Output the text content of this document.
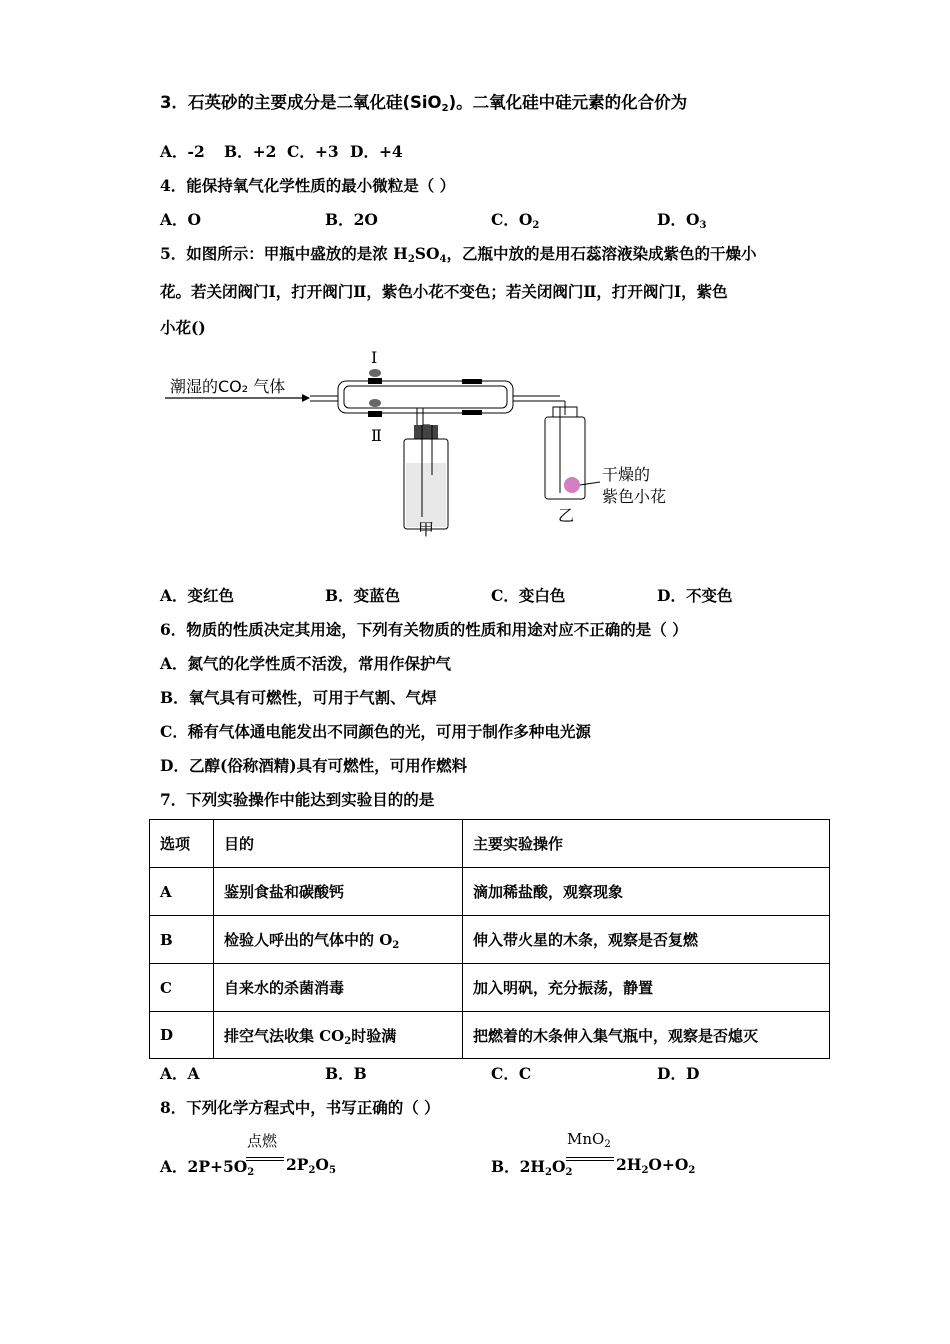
3．石英砂的主要成分是二氧化硅(SiO$_2$)。二氧化硅中硅元素的化合价为
A．-2 B．+2 C．+3 D．+4
4．能保持氧气化学性质的最小微粒是（ ）
A．O	B．2O	C．$O_2$	D．$O_3$
5．如图所示：甲瓶中盛放的是浓 $H_2SO_4$，乙瓶中放的是用石蕊溶液染成紫色的干燥小
花。若关闭阀门Ⅰ，打开阀门Ⅱ，紫色小花不变色；若关闭阀门Ⅱ，打开阀门Ⅰ，紫色
小花()
潮湿的CO₂ 气体
Ⅰ
Ⅱ
甲
干燥的
紫色小花
乙
A．变红色	B．变蓝色	C．变白色	D．不变色
6．物质的性质决定其用途，下列有关物质的性质和用途对应不正确的是（ ）
A．氮气的化学性质不活泼，常用作保护气
B．氧气具有可燃性，可用于气割、气焊
C．稀有气体通电能发出不同颜色的光，可用于制作多种电光源
D．乙醇(俗称酒精)具有可燃性，可用作燃料
7．下列实验操作中能达到实验目的的是
选项	目的	主要实验操作
A	鉴别食盐和碳酸钙	滴加稀盐酸，观察现象
B	检验人呼出的气体中的 $O_2$	伸入带火星的木条，观察是否复燃
C	自来水的杀菌消毒	加入明矾，充分振荡，静置
D	排空气法收集 $CO_2$时验满	把燃着的木条伸入集气瓶中，观察是否熄灭
A．A	B．B	C．C	D．D
8．下列化学方程式中，书写正确的（ ）
A．$2P+5O_2$
点燃
$2P_2O_5$	B．$2H_2O_2$
MnO$_2$
$2H_2O+O_2$
